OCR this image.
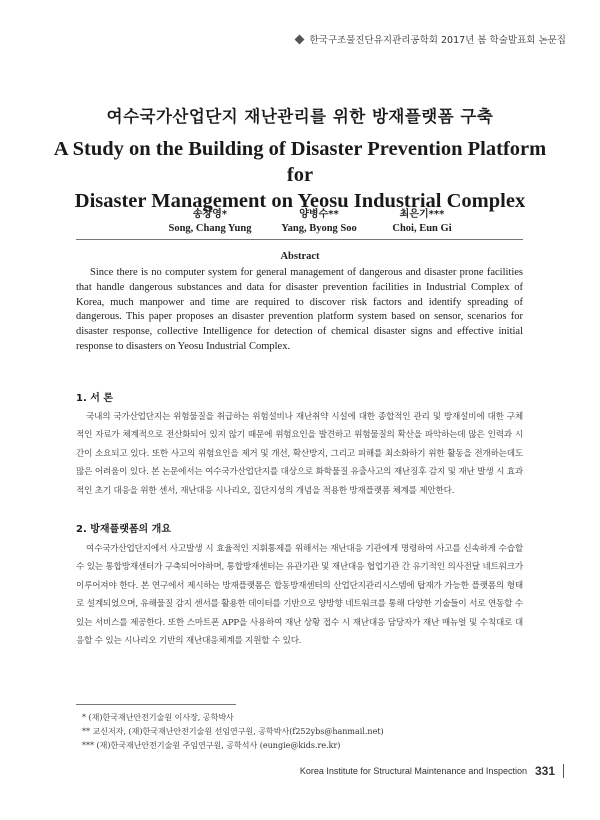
한국구조물진단유지관리공학회 2017년 봄 학술발표회 논문집
여수국가산업단지 재난관리를 위한 방재플랫폼 구축
A Study on the Building of Disaster Prevention Platform for
Disaster Management on Yeosu Industrial Complex
송창영*
Song, Chang Yung
양병수**
Yang, Byong Soo
최은기***
Choi, Eun Gi
Abstract
Since there is no computer system for general management of dangerous and disaster prone facilities that handle dangerous substances and data for disaster prevention facilities in Industrial Complex of Korea, much manpower and time are required to discover risk factors and identify spreading of dangerous. This paper proposes an disaster prevention platform system based on sensor, scenarios for disaster response, collective Intelligence for detection of chemical disaster signs and effective initial response to disasters on Yeosu Industrial Complex.
1. 서 론
국내의 국가산업단지는 위험물질을 취급하는 위험설비나 재난취약 시설에 대한 종합적인 관리 및 방재설비에 대한 구체적인 자료가 체계적으로 전산화되어 있지 않기 때문에 위험요인을 발견하고 위험물질의 확산을 파악하는데 많은 인력과 시간이 소요되고 있다. 또한 사고의 위험요인을 제거 및 개선, 확산방지, 그리고 피해를 최소화하기 위한 활동을 전개하는데도 많은 어려움이 있다. 본 논문에서는 여수국가산업단지를 대상으로 화학물질 유출사고의 재난징후 감지 및 재난 발생 시 효과적인 초기 대응을 위한 센서, 재난대응 시나리오, 집단지성의 개념을 적용한 방재플랫폼 체계를 제안한다.
2. 방재플랫폼의 개요
여수국가산업단지에서 사고발생 시 효율적인 지휘통제를 위해서는 재난대응 기관에게 명령하여 사고를 신속하게 수습할 수 있는 통합방재센터가 구축되어야하며, 통합방재센터는 유관기관 및 재난대응 협업기관 간 유기적인 의사전달 네트워크가 이루어져야 한다. 본 연구에서 제시하는 방재플랫폼은 합동방재센터의 산업단지관리시스템에 탑재가 가능한 플랫폼의 형태로 설계되었으며, 유해물질 감지 센서를 활용한 데이터를 기반으로 양방향 네트워크를 통해 다양한 기술들이 서로 연동할 수 있는 서비스를 제공한다. 또한 스마트폰 APP을 사용하여 재난 상황 접수 시 재난대응 담당자가 재난 매뉴얼 및 수칙대로 대응할 수 있는 시나리오 기반의 재난대응체계를 지원할 수 있다.
* (재)한국재난안전기술원 이사장, 공학박사
** 교신저자, (재)한국재난안전기술원 선임연구원, 공학박사(f252ybs@hanmail.net)
*** (재)한국재난안전기술원 주임연구원, 공학석사 (eungie@kids.re.kr)
Korea Institute for Structural Maintenance and Inspection 331
